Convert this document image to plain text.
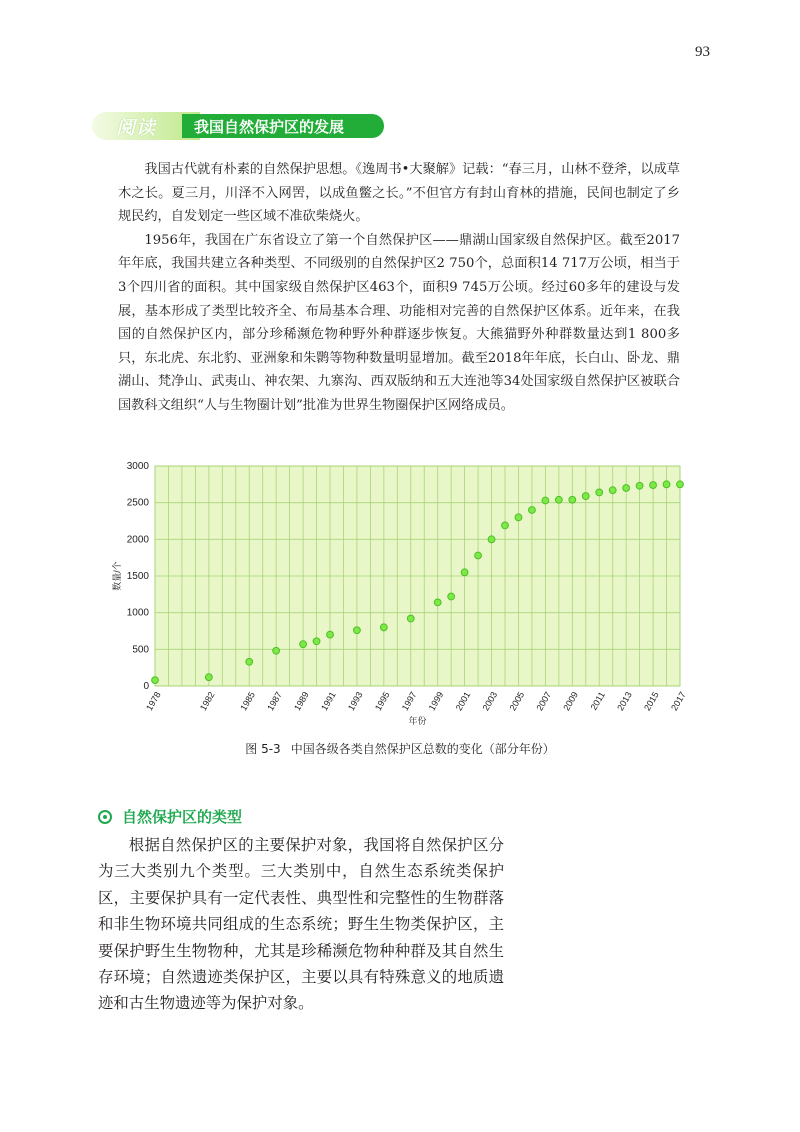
93
阅读	我国自然保护区的发展

我国古代就有朴素的自然保护思想。《逸周书•大聚解》记载：“春三月，山林不登斧，以成草木之长。夏三月，川泽不入网罟，以成鱼鳖之长。”不但官方有封山育林的措施，民间也制定了乡规民约，自发划定一些区域不准砍柴烧火。

1956年，我国在广东省设立了第一个自然保护区——鼎湖山国家级自然保护区。截至2017年年底，我国共建立各种类型、不同级别的自然保护区2 750个，总面积14 717万公顷，相当于3个四川省的面积。其中国家级自然保护区463个，面积9 745万公顷。经过60多年的建设与发展，基本形成了类型比较齐全、布局基本合理、功能相对完善的自然保护区体系。近年来，在我国的自然保护区内，部分珍稀濒危物种野外种群逐步恢复。大熊猫野外种群数量达到1 800多只，东北虎、东北豹、亚洲象和朱鹮等物种数量明显增加。截至2018年年底，长白山、卧龙、鼎湖山、梵净山、武夷山、神农架、九寨沟、西双版纳和五大连池等34处国家级自然保护区被联合国教科文组织“人与生物圈计划”批准为世界生物圈保护区网络成员。

0
500
1000
1500
2000
2500
3000
1978	1982 1985 1987 1989 1991 1993 1995 1997 1999 2001 2003 2005 2007 2009 2011 2013 2015 2017
数量/个
年份
图 5-3 中国各级各类自然保护区总数的变化（部分年份）
自然保护区的类型

根据自然保护区的主要保护对象，我国将自然保护区分为三大类别九个类型。三大类别中，自然生态系统类保护区，主要保护具有一定代表性、典型性和完整性的生物群落和非生物环境共同组成的生态系统；野生生物类保护区，主要保护野生生物物种，尤其是珍稀濒危物种种群及其自然生存环境；自然遗迹类保护区，主要以具有特殊意义的地质遗迹和古生物遗迹等为保护对象。
